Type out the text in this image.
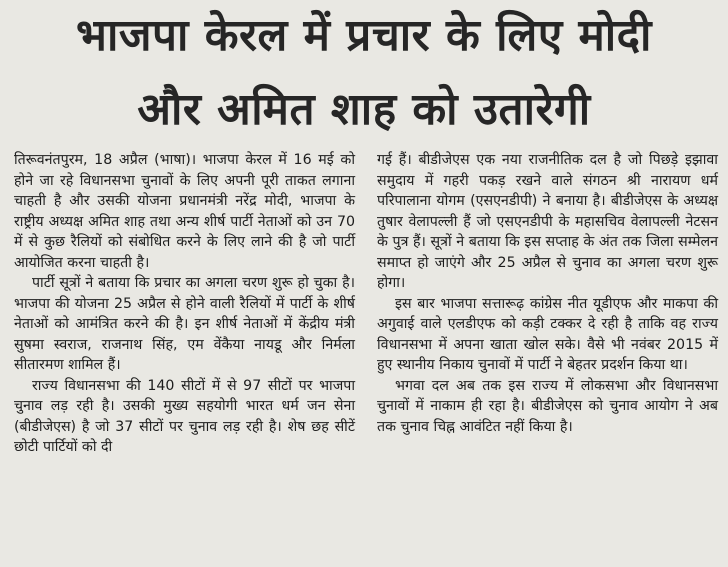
भाजपा केरल में प्रचार के लिए मोदी
और अमित शाह को उतारेगी

तिरूवनंतपुरम, 18 अप्रैल (भाषा)। भाजपा केरल में 16 मई को होने जा रहे विधानसभा चुनावों के लिए अपनी पूरी ताकत लगाना चाहती है और उसकी योजना प्रधानमंत्री नरेंद्र मोदी, भाजपा के राष्ट्रीय अध्यक्ष अमित शाह तथा अन्य शीर्ष पार्टी नेताओं को उन 70 में से कुछ रैलियों को संबोधित करने के लिए लाने की है जो पार्टी आयोजित करना चाहती है।

पार्टी सूत्रों ने बताया कि प्रचार का अगला चरण शुरू हो चुका है। भाजपा की योजना 25 अप्रैल से होने वाली रैलियों में पार्टी के शीर्ष नेताओं को आमंत्रित करने की है। इन शीर्ष नेताओं में केंद्रीय मंत्री सुषमा स्वराज, राजनाथ सिंह, एम वेंकैया नायडू और निर्मला सीतारमण शामिल हैं।

राज्य विधानसभा की 140 सीटों में से 97 सीटों पर भाजपा चुनाव लड़ रही है। उसकी मुख्य सहयोगी भारत धर्म जन सेना (बीडीजेएस) है जो 37 सीटों पर चुनाव लड़ रही है। शेष छह सीटें छोटी पार्टियों को दी

गई हैं। बीडीजेएस एक नया राजनीतिक दल है जो पिछड़े इझावा समुदाय में गहरी पकड़ रखने वाले संगठन श्री नारायण धर्म परिपालाना योगम (एसएनडीपी) ने बनाया है। बीडीजेएस के अध्यक्ष तुषार वेलापल्ली हैं जो एसएनडीपी के महासचिव वेलापल्ली नेटसन के पुत्र हैं। सूत्रों ने बताया कि इस सप्ताह के अंत तक जिला सम्मेलन समाप्त हो जाएंगे और 25 अप्रैल से चुनाव का अगला चरण शुरू होगा।

इस बार भाजपा सत्तारूढ़ कांग्रेस नीत यूडीएफ और माकपा की अगुवाई वाले एलडीएफ को कड़ी टक्कर दे रही है ताकि वह राज्य विधानसभा में अपना खाता खोल सके। वैसे भी नवंबर 2015 में हुए स्थानीय निकाय चुनावों में पार्टी ने बेहतर प्रदर्शन किया था।

भगवा दल अब तक इस राज्य में लोकसभा और विधानसभा चुनावों में नाकाम ही रहा है। बीडीजेएस को चुनाव आयोग ने अब तक चुनाव चिह्न आवंटित नहीं किया है।
